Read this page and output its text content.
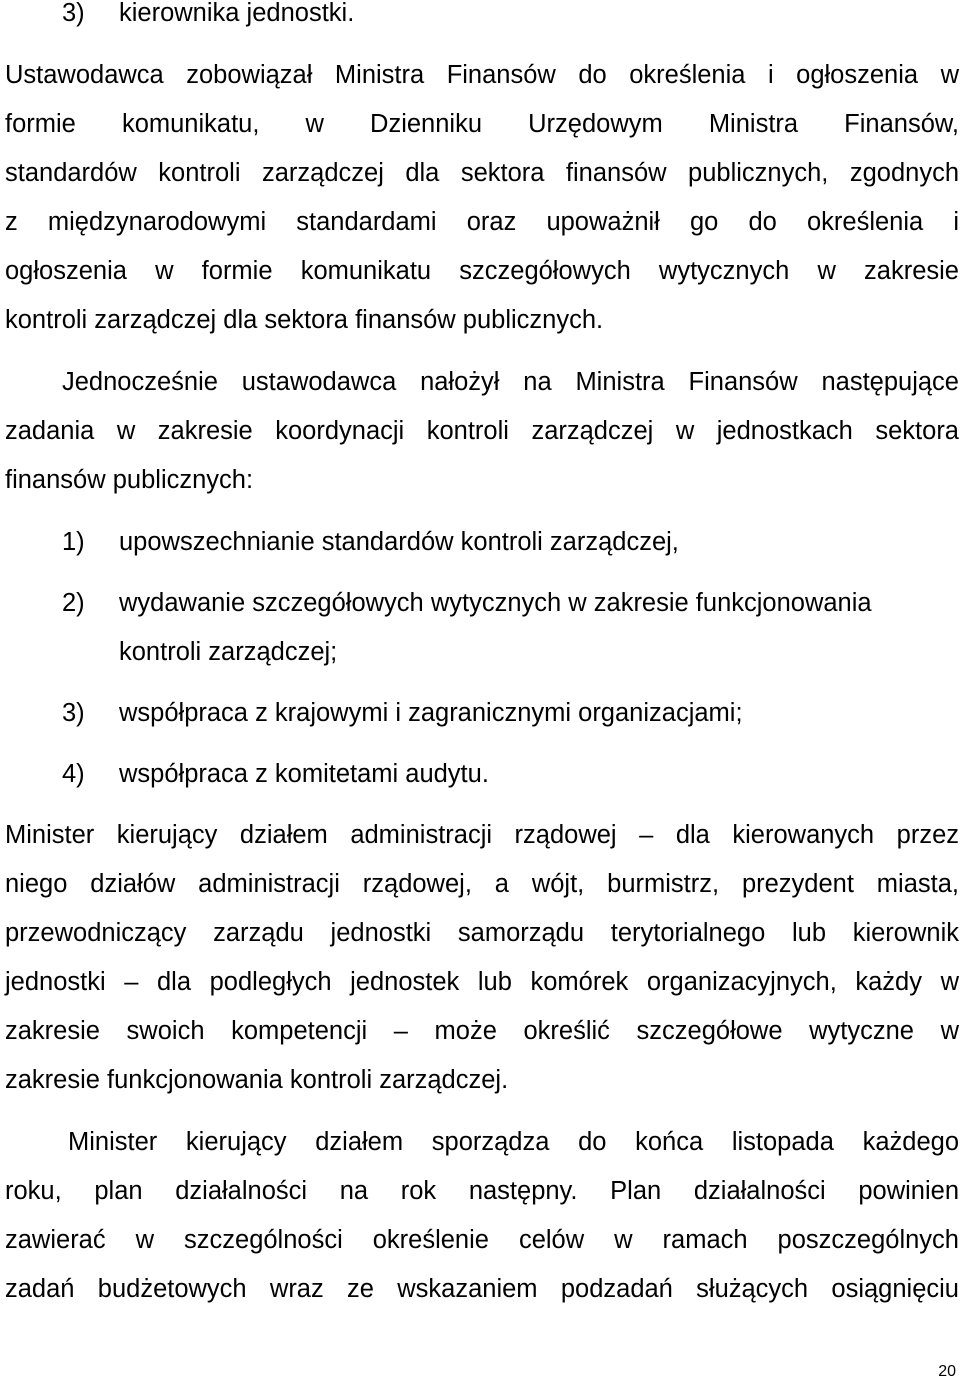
3) kierownika jednostki.
Ustawodawca zobowiązał Ministra Finansów do określenia i ogłoszenia w
formie komunikatu, w Dzienniku Urzędowym Ministra Finansów,
standardów kontroli zarządczej dla sektora finansów publicznych, zgodnych
z międzynarodowymi standardami oraz upoważnił go do określenia i
ogłoszenia w formie komunikatu szczegółowych wytycznych w zakresie
kontroli zarządczej dla sektora finansów publicznych.
Jednocześnie ustawodawca nałożył na Ministra Finansów następujące
zadania w zakresie koordynacji kontroli zarządczej w jednostkach sektora
finansów publicznych:
1) upowszechnianie standardów kontroli zarządczej,
2) wydawanie szczegółowych wytycznych w zakresie funkcjonowania
kontroli zarządczej;
3) współpraca z krajowymi i zagranicznymi organizacjami;
4) współpraca z komitetami audytu.
Minister kierujący działem administracji rządowej – dla kierowanych przez
niego działów administracji rządowej, a wójt, burmistrz, prezydent miasta,
przewodniczący zarządu jednostki samorządu terytorialnego lub kierownik
jednostki – dla podległych jednostek lub komórek organizacyjnych, każdy w
zakresie swoich kompetencji – może określić szczegółowe wytyczne w
zakresie funkcjonowania kontroli zarządczej.
Minister kierujący działem sporządza do końca listopada każdego
roku, plan działalności na rok następny. Plan działalności powinien
zawierać w szczególności określenie celów w ramach poszczególnych
zadań budżetowych wraz ze wskazaniem podzadań służących osiągnięciu
20
